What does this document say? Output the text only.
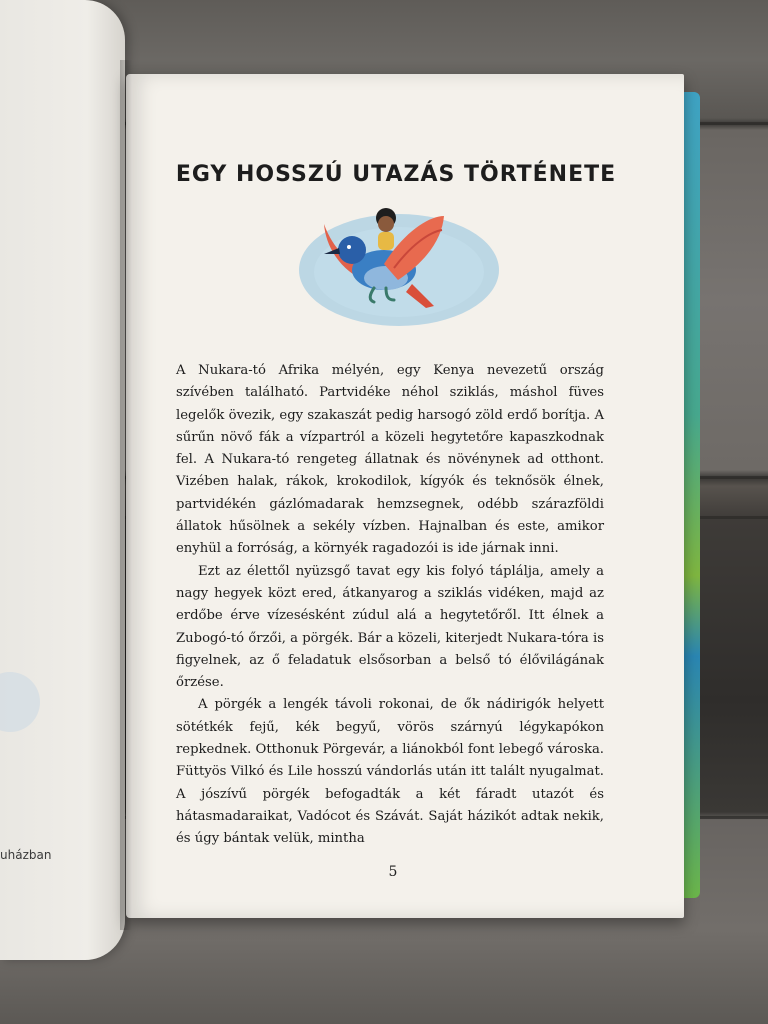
uházban
EGY HOSSZÚ UTAZÁS TÖRTÉNETE

A Nukara-tó Afrika mélyén, egy Kenya nevezetű ország szívében található. Partvidéke néhol sziklás, máshol füves legelők övezik, egy szakaszát pedig harsogó zöld erdő borítja. A sűrűn növő fák a vízpartról a közeli hegytetőre kapaszkodnak fel. A Nukara-tó rengeteg állatnak és növénynek ad otthont. Vizében halak, rákok, krokodilok, kígyók és teknősök élnek, partvidékén gázlómadarak hemzsegnek, odébb szárazföldi állatok hűsölnek a sekély vízben. Hajnalban és este, amikor enyhül a forróság, a környék ragadozói is ide járnak inni.

Ezt az élettől nyüzsgő tavat egy kis folyó táplálja, amely a nagy hegyek közt ered, átkanyarog a sziklás vidéken, majd az erdőbe érve vízesésként zúdul alá a hegytetőről. Itt élnek a Zubogó-tó őrzői, a pörgék. Bár a közeli, kiterjedt Nukara-tóra is figyelnek, az ő feladatuk elsősorban a belső tó élővilágának őrzése.

A pörgék a lengék távoli rokonai, de ők nádirigók helyett sötétkék fejű, kék begyű, vörös szárnyú légykapókon repkednek. Otthonuk Pörgevár, a liánokból font lebegő városka. Füttyös Vilkó és Lile hosszú vándorlás után itt talált nyugalmat. A jószívű pörgék befogadták a két fáradt utazót és hátasmadaraikat, Vadócot és Szávát. Saját házikót adtak nekik, és úgy bántak velük, mintha

5
